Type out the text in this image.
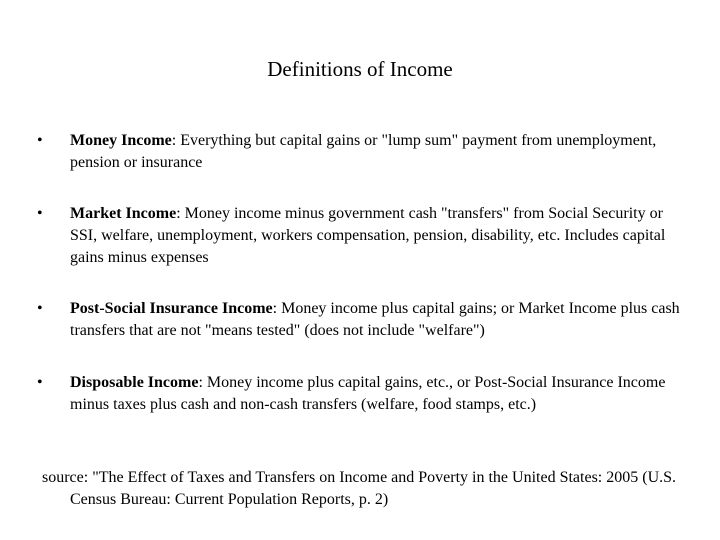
Definitions of Income
• Money Income: Everything but capital gains or "lump sum" payment from unemployment, pension or insurance
• Market Income: Money income minus government cash "transfers" from Social Security or SSI, welfare, unemployment, workers compensation, pension, disability, etc. Includes capital gains minus expenses
• Post-Social Insurance Income: Money income plus capital gains; or Market Income plus cash transfers that are not "means tested" (does not include "welfare")
• Disposable Income: Money income plus capital gains, etc., or Post-Social Insurance Income minus taxes plus cash and non-cash transfers (welfare, food stamps, etc.)
source: "The Effect of Taxes and Transfers on Income and Poverty in the United States: 2005 (U.S. Census Bureau: Current Population Reports, p. 2)
